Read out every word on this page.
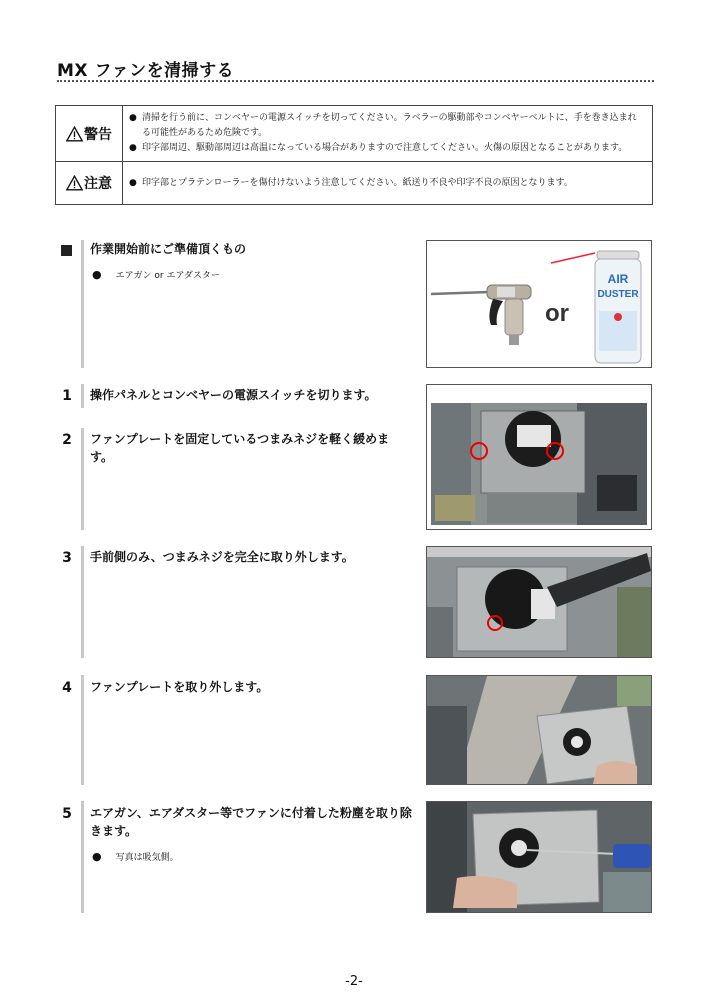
MX ファンを清掃する
警告	● 清掃を行う前に、コンベヤーの電源スイッチを切ってください。ラベラーの駆動部やコンベヤーベルトに、手を巻き込まれる可能性があるため危険です。
● 印字部周辺、駆動部周辺は高温になっている場合がありますので注意してください。火傷の原因となることがあります。

注意	● 印字部とプラテンローラーを傷付けないよう注意してください。紙送り不良や印字不良の原因となります。
作業開始前にご準備頂くもの
● エアガン or エアダスター
or
AIR
DUSTER
1	操作パネルとコンベヤーの電源スイッチを切ります。
2	ファンプレートを固定しているつまみネジを軽く緩めます。
3	手前側のみ、つまみネジを完全に取り外します。
4	ファンプレートを取り外します。
5	エアガン、エアダスター等でファンに付着した粉塵を取り除きます。
● 写真は吸気側。
-2-
